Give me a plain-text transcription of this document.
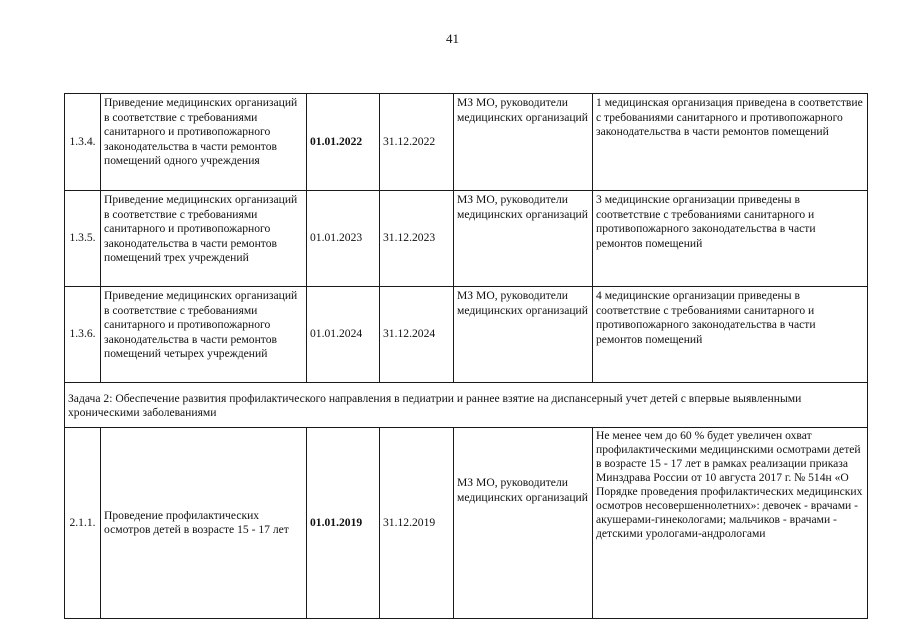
41
1.3.4.	Приведение медицинских организаций в соответствие с требованиями санитарного и противопожарного законодательства в части ремонтов помещений одного учреждения	01.01.2022	31.12.2022	МЗ МО, руководители медицинских организаций	1 медицинская организация приведена в соответствие с требованиями санитарного и противопожарного законодательства в части ремонтов помещений
1.3.5.	Приведение медицинских организаций в соответствие с требованиями санитарного и противопожарного законодательства в части ремонтов помещений трех учреждений	01.01.2023	31.12.2023	МЗ МО, руководители медицинских организаций	3 медицинские организации приведены в соответствие с требованиями санитарного и противопожарного законодательства в части ремонтов помещений
1.3.6.	Приведение медицинских организаций в соответствие с требованиями санитарного и противопожарного законодательства в части ремонтов помещений четырех учреждений	01.01.2024	31.12.2024	МЗ МО, руководители медицинских организаций	4 медицинские организации приведены в соответствие с требованиями санитарного и противопожарного законодательства в части ремонтов помещений
Задача 2: Обеспечение развития профилактического направления в педиатрии и раннее взятие на диспансерный учет детей с впервые выявленными хроническими заболеваниями					
2.1.1.	Проведение профилактических осмотров детей в возрасте 15 - 17 лет	01.01.2019	31.12.2019	МЗ МО, руководители медицинских организаций	Не менее чем до 60 % будет увеличен охват профилактическими медицинскими осмотрами детей в возрасте 15 - 17 лет в рамках реализации приказа Минздрава России от 10 августа 2017 г. № 514н «О Порядке проведения профилактических медицинских осмотров несовершеннолетних»: девочек - врачами - акушерами-гинекологами; мальчиков - врачами - детскими урологами-андрологами
